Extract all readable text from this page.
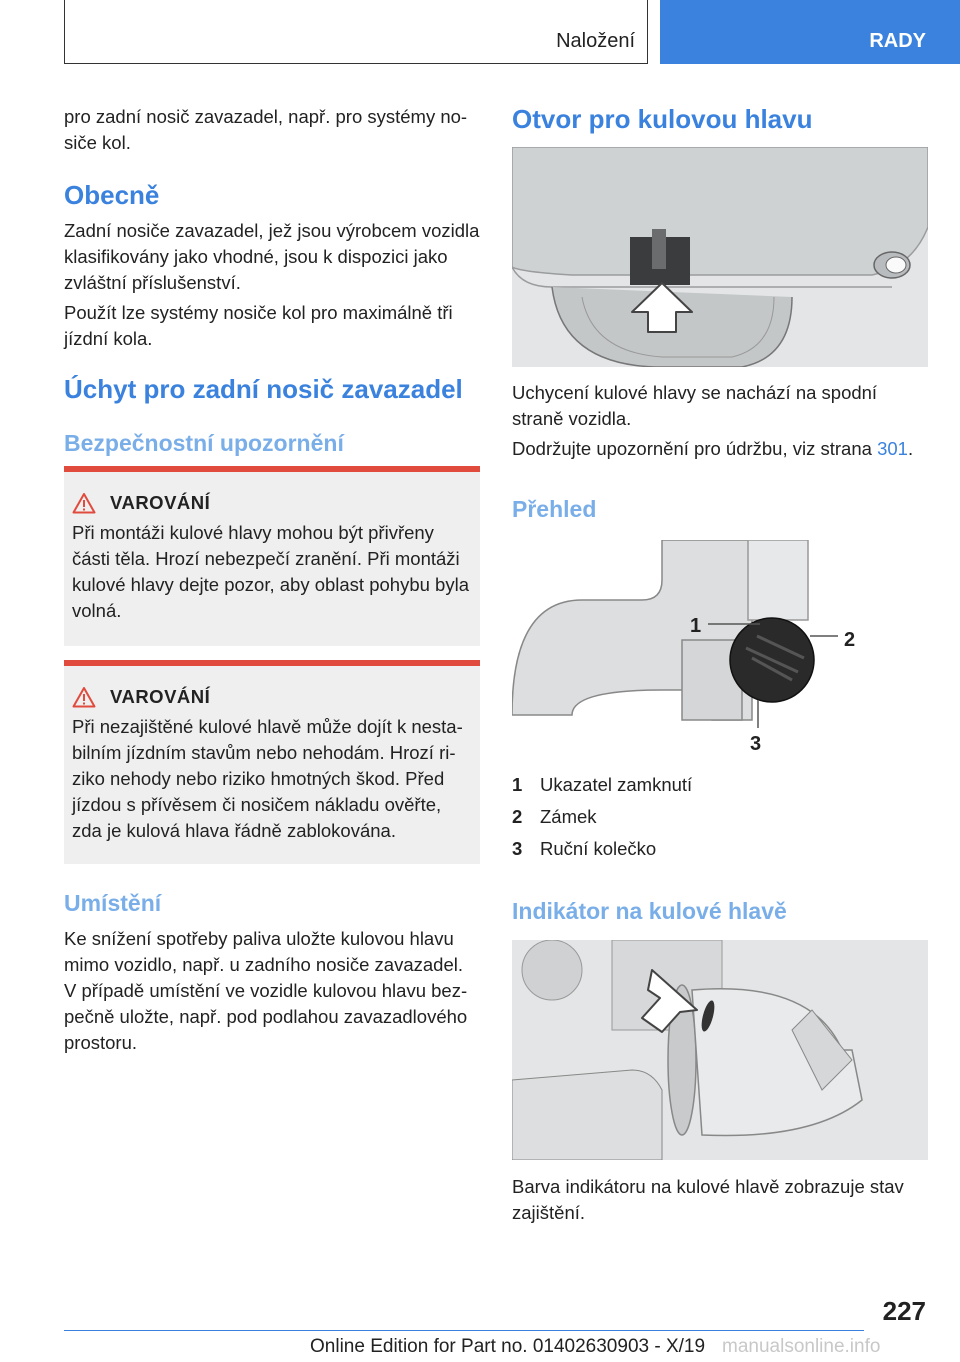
Naložení	RADY

pro zadní nosič zavazadel, např. pro systémy no-siče kol.

Obecně

Zadní nosiče zavazadel, jež jsou výrobcem vozidla klasifikovány jako vhodné, jsou k dispozici jako zvláštní příslušenství.

Použít lze systémy nosiče kol pro maximálně tři jízdní kola.

Úchyt pro zadní nosič zavazadel
Bezpečnostní upozornění
VAROVÁNÍ

Při montáži kulové hlavy mohou být přivřeny části těla. Hrozí nebezpečí zranění. Při montáži kulové hlavy dejte pozor, aby oblast pohybu byla volná.

VAROVÁNÍ

Při nezajištěné kulové hlavě může dojít k nesta-bilním jízdním stavům nebo nehodám. Hrozí ri-ziko nehody nebo riziko hmotných škod. Před jízdou s přívěsem či nosičem nákladu ověřte, zda je kulová hlava řádně zablokována.

Umístění

Ke snížení spotřeby paliva uložte kulovou hlavu mimo vozidlo, např. u zadního nosiče zavazadel. V případě umístění ve vozidle kulovou hlavu bez-pečně uložte, např. pod podlahou zavazadlového prostoru.

Otvor pro kulovou hlavu

Uchycení kulové hlavy se nachází na spodní straně vozidla.

Dodržujte upozornění pro údržbu, viz strana 301.

Přehled
1
2
3
1 Ukazatel zamknutí
2 Zámek
3 Ruční kolečko
Indikátor na kulové hlavě

Barva indikátoru na kulové hlavě zobrazuje stav zajištění.

227
Online Edition for Part no. 01402630903 - X/19 manualsonline.info
